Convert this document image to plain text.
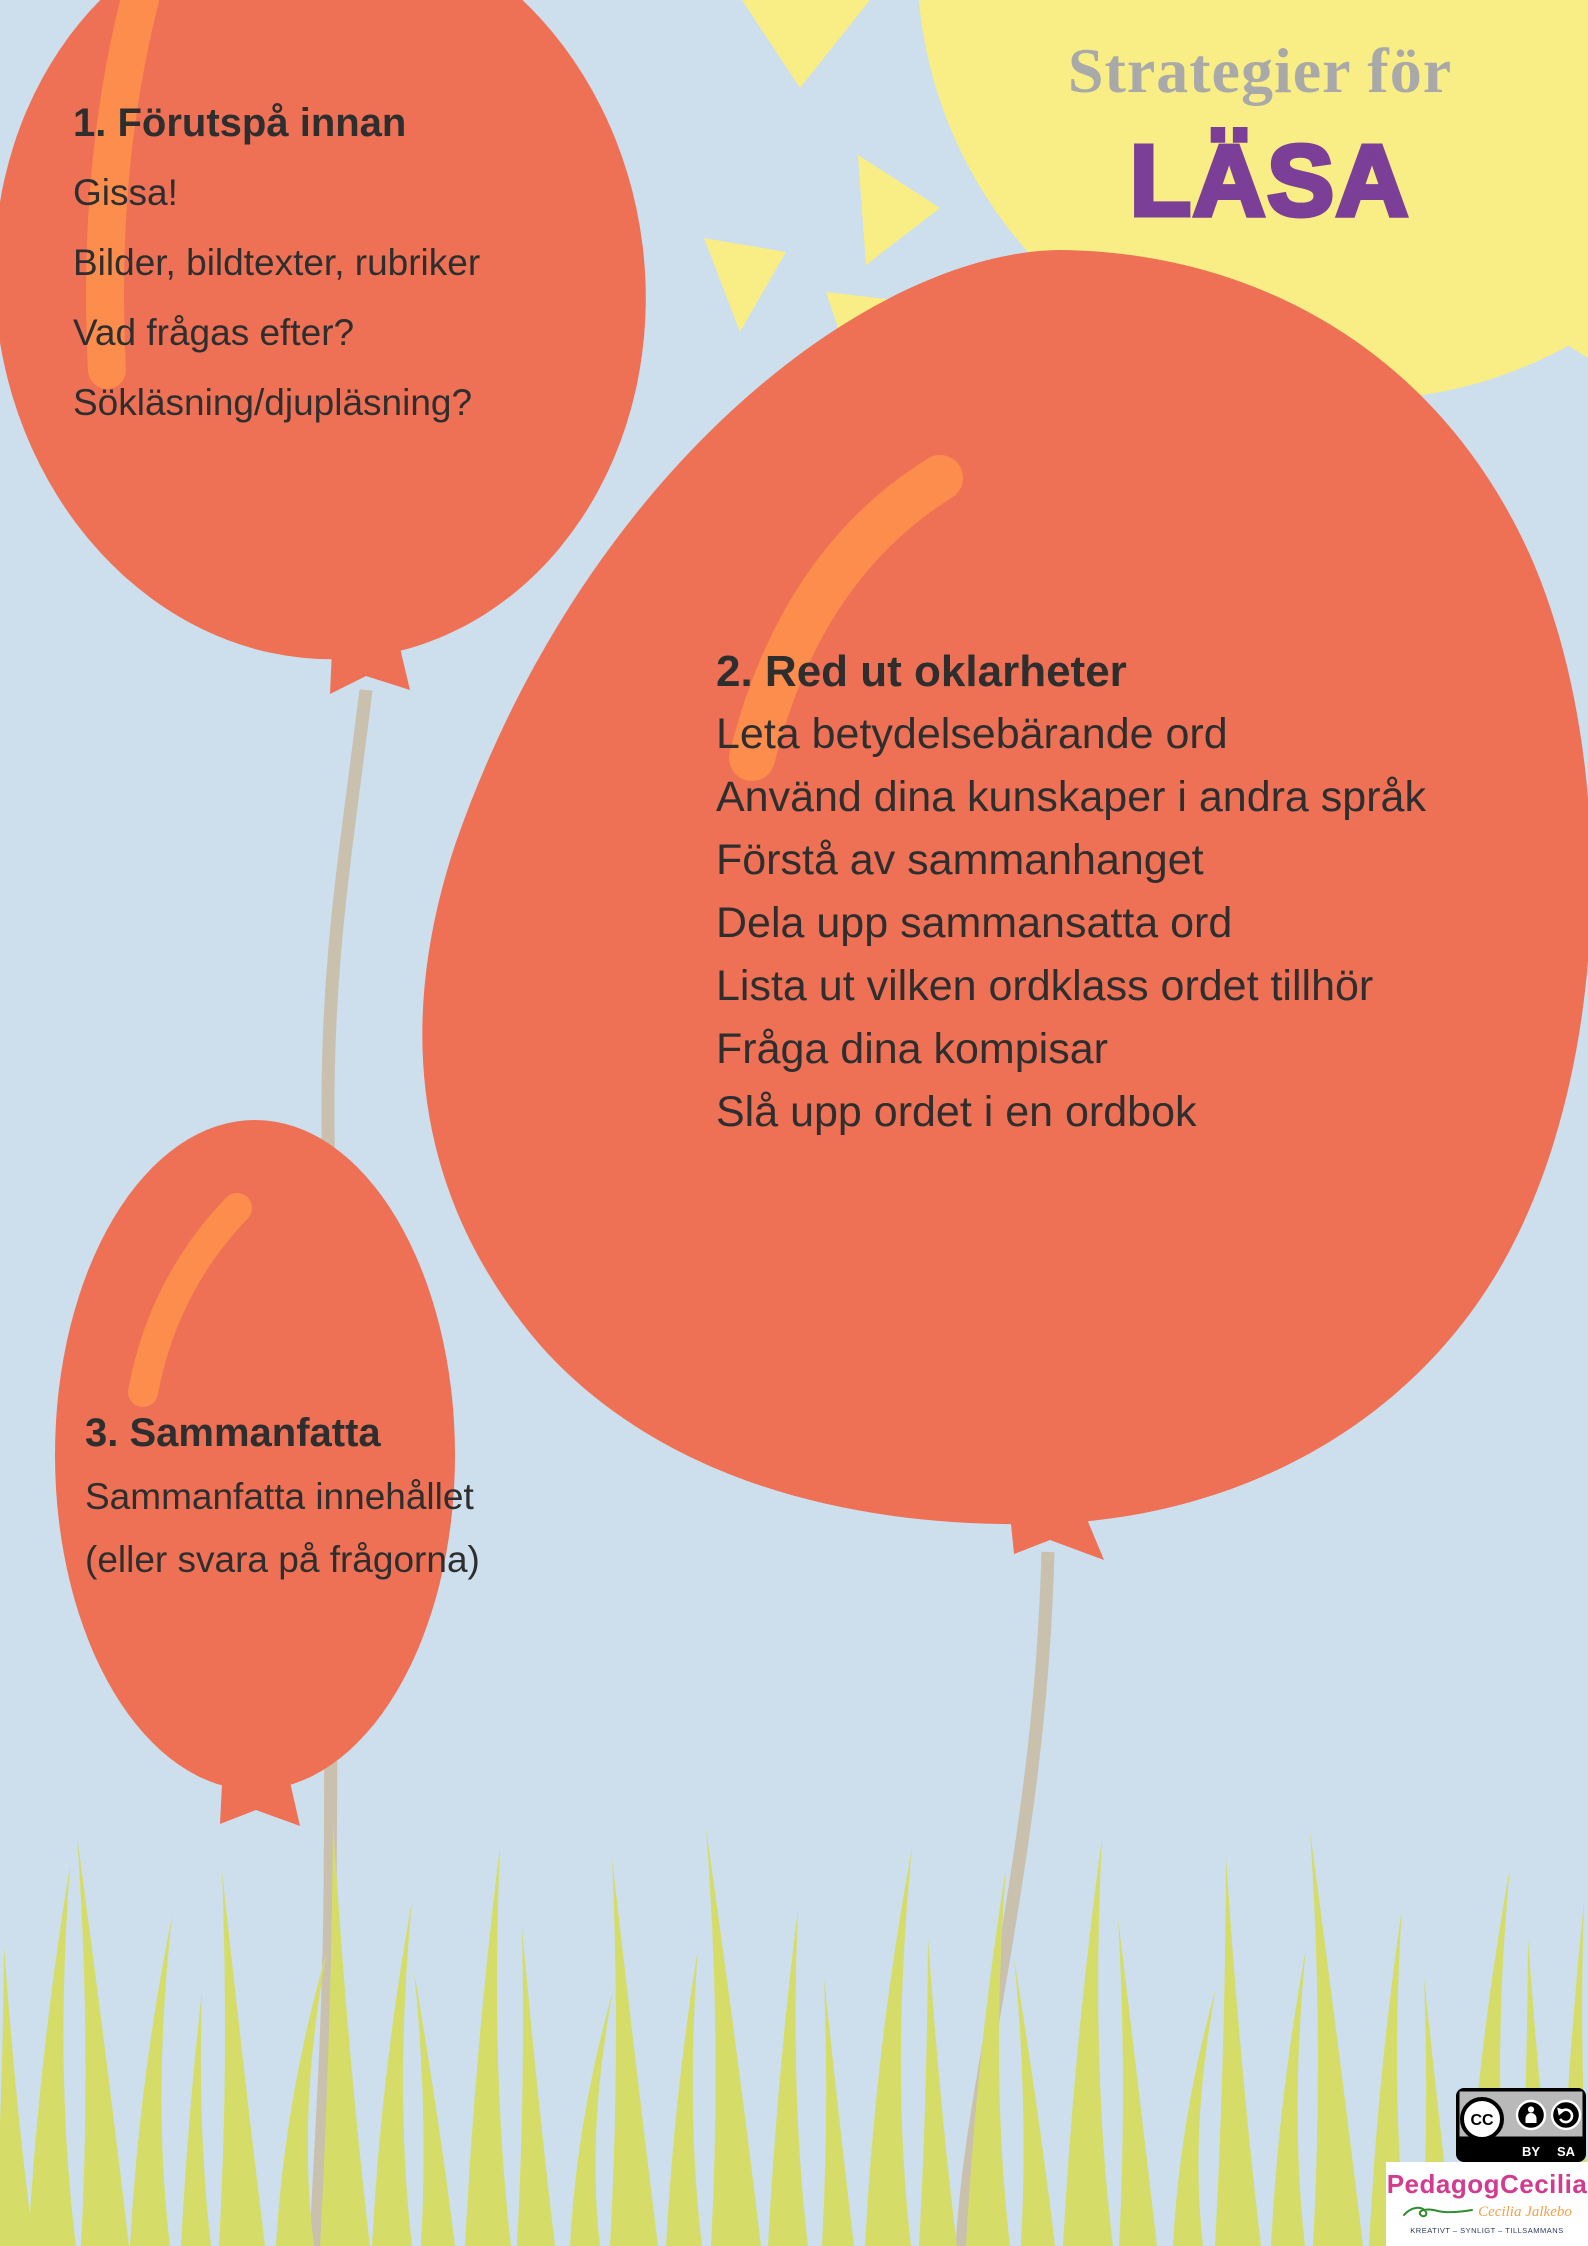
Strategier för
LÄSA
1. Förutspå innan
Gissa!
Bilder, bildtexter, rubriker
Vad frågas efter?
Sökläsning/djupläsning?
2. Red ut oklarheter
Leta betydelsebärande ord
Använd dina kunskaper i andra språk
Förstå av sammanhanget
Dela upp sammansatta ord
Lista ut vilken ordklass ordet tillhör
Fråga dina kompisar
Slå upp ordet i en ordbok
3. Sammanfatta
Sammanfatta innehållet
(eller svara på frågorna)
CC
BY SA
PedagogCecilia
Cecilia Jalkebo
KREATIVT – SYNLIGT – TILLSAMMANS
